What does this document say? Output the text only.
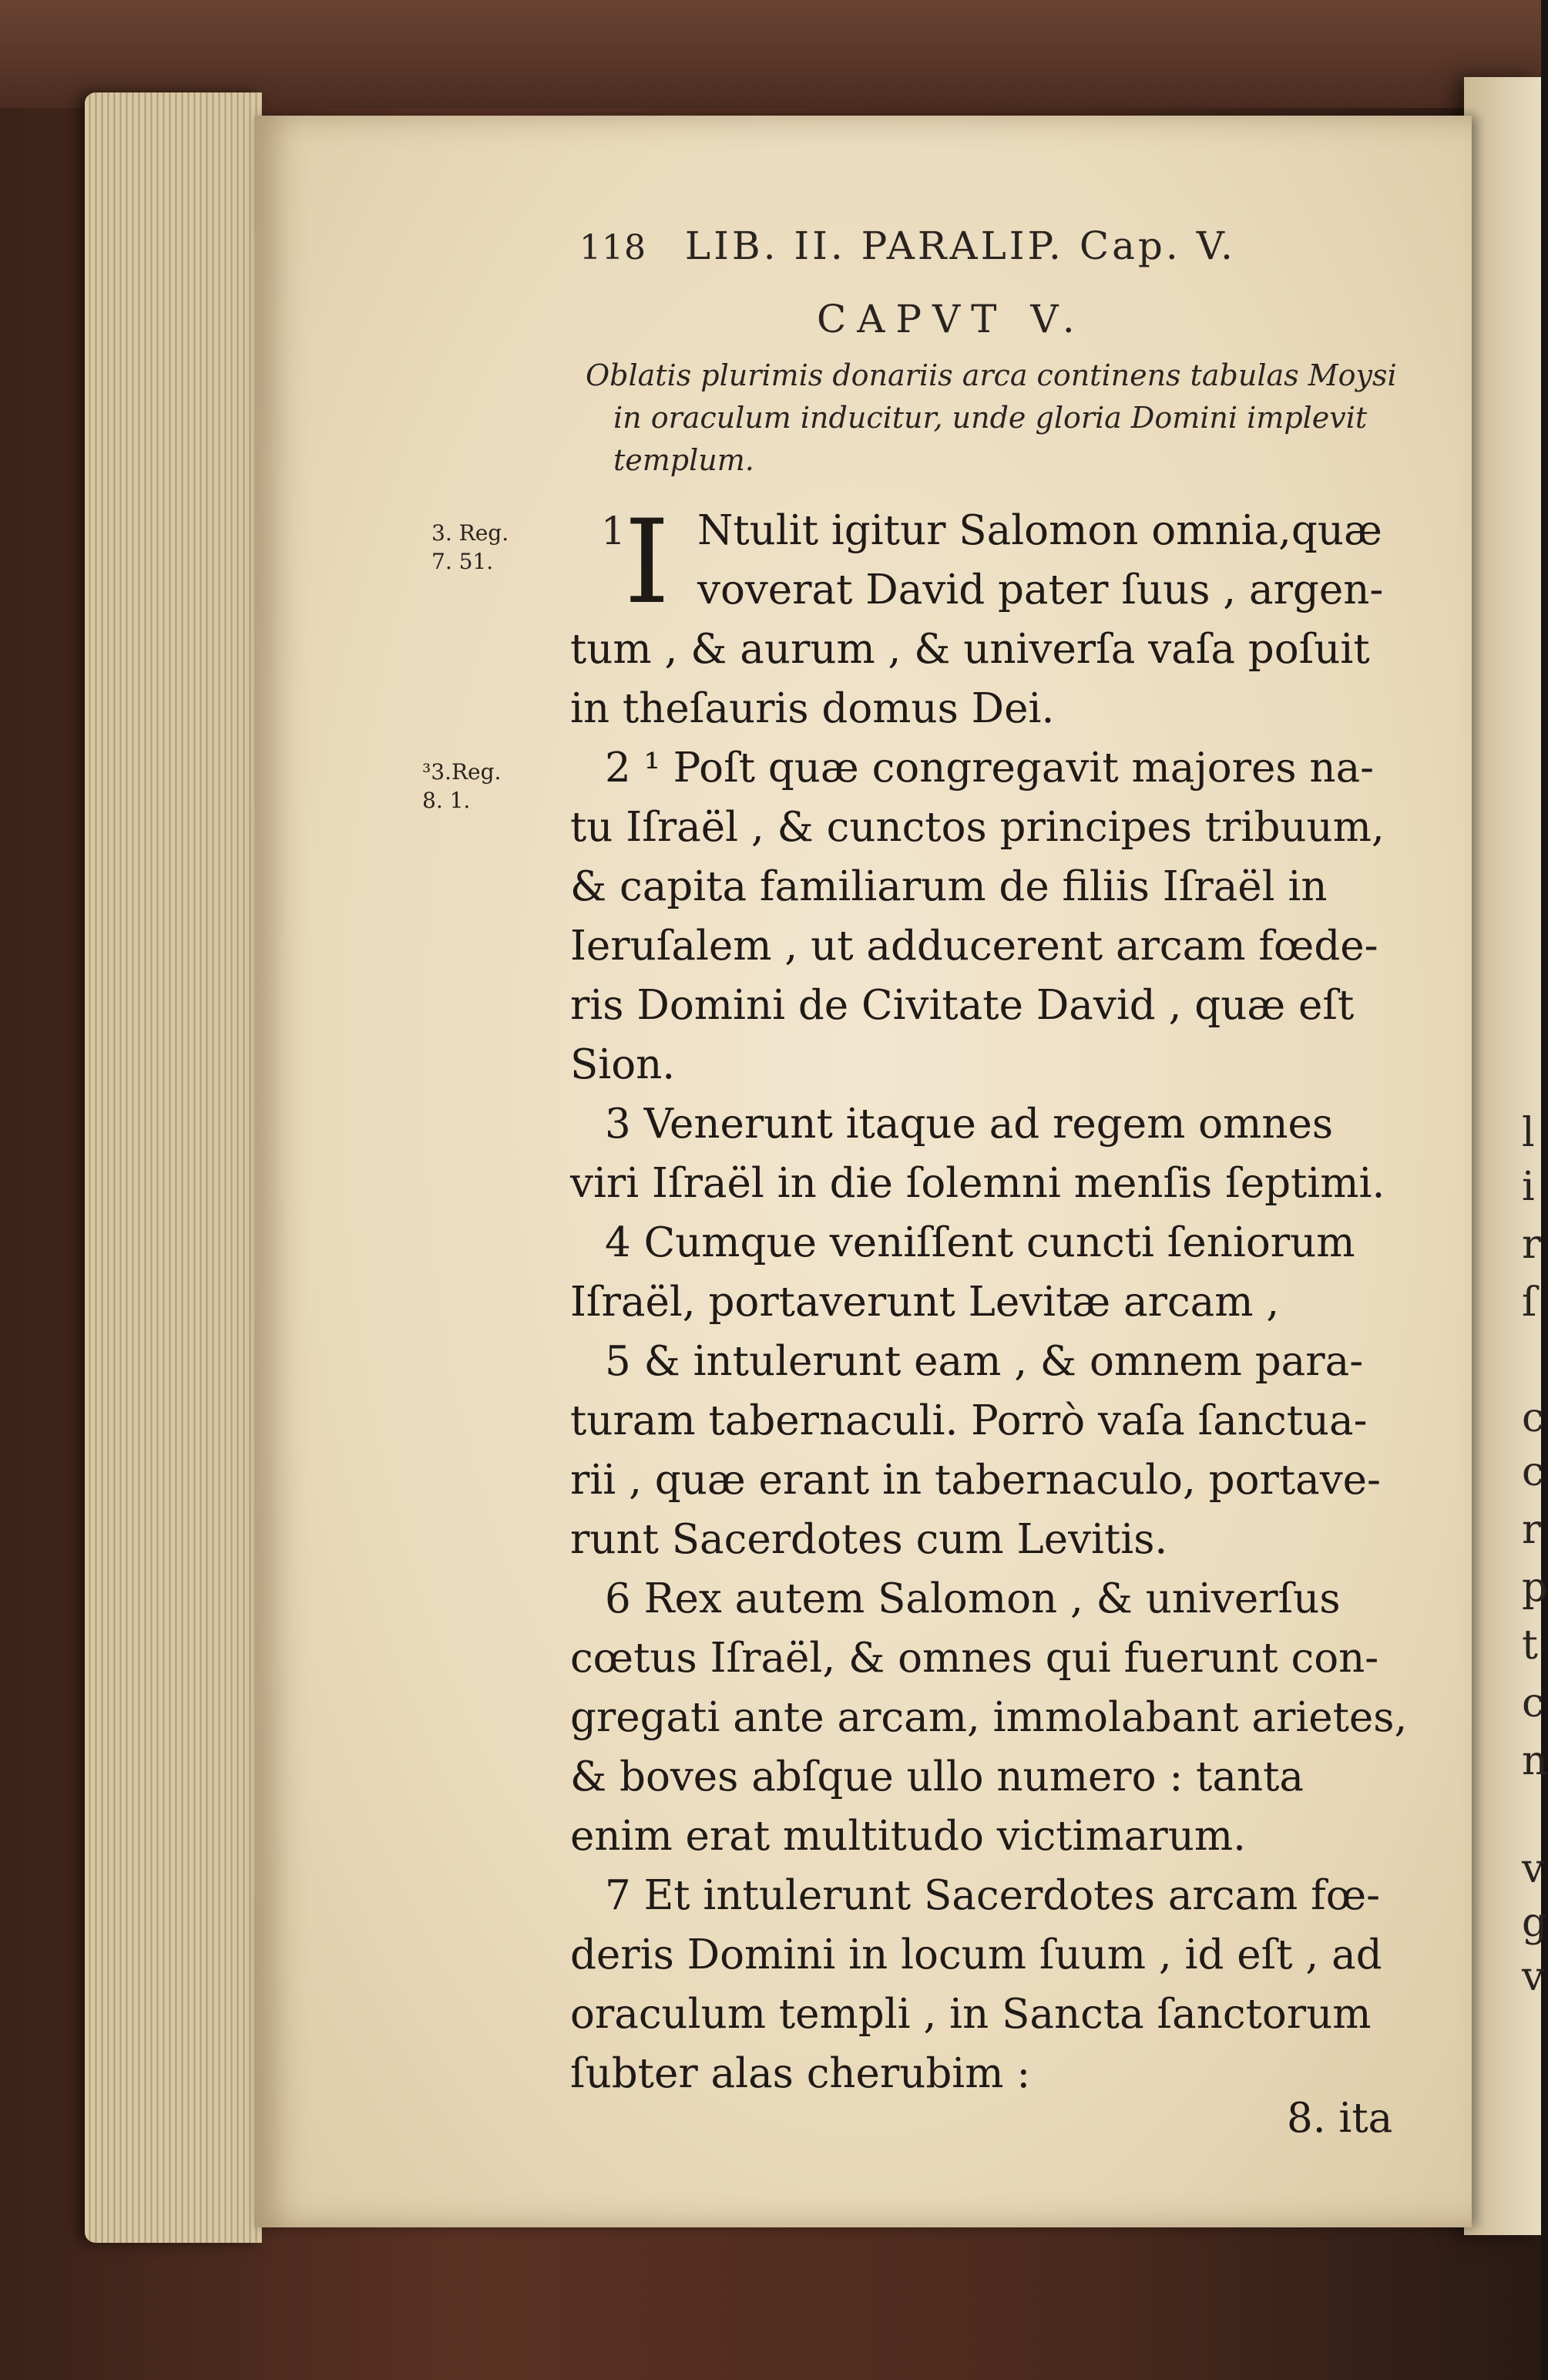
l
i
r
ſ
c
c
r
p
t
c
n
v
g
v
118 LIB. II. PARALIP. Cap. V.
CAPVT V.
Oblatis plurimis donariis arca continens tabulas Moysi
in oraculum inducitur, unde gloria Domini implevit
templum.
3. Reg.
7. 51.
³3.Reg.
8. 1.
1
I Ntulit igitur Salomon omnia,quæ
voverat David pater ſuus , argen-
tum , & aurum , & univerſa vaſa poſuit
in theſauris domus Dei.
2 ¹ Poſt quæ congregavit majores na-
tu Iſraël , & cunctos principes tribuum,
& capita familiarum de filiis Iſraël in
Ieruſalem , ut adducerent arcam fœde-
ris Domini de Civitate David , quæ eſt
Sion.
3 Venerunt itaque ad regem omnes
viri Iſraël in die ſolemni menſis ſeptimi.
4 Cumque veniſſent cuncti ſeniorum
Iſraël, portaverunt Levitæ arcam ,
5 & intulerunt eam , & omnem para-
turam tabernaculi. Porrò vaſa ſanctua-
rii , quæ erant in tabernaculo, portave-
runt Sacerdotes cum Levitis.
6 Rex autem Salomon , & univerſus
cœtus Iſraël, & omnes qui fuerunt con-
gregati ante arcam, immolabant arietes,
& boves abſque ullo numero : tanta
enim erat multitudo victimarum.
7 Et intulerunt Sacerdotes arcam fœ-
deris Domini in locum ſuum , id eſt , ad
oraculum templi , in Sancta ſanctorum
ſubter alas cherubim :
8. ita
